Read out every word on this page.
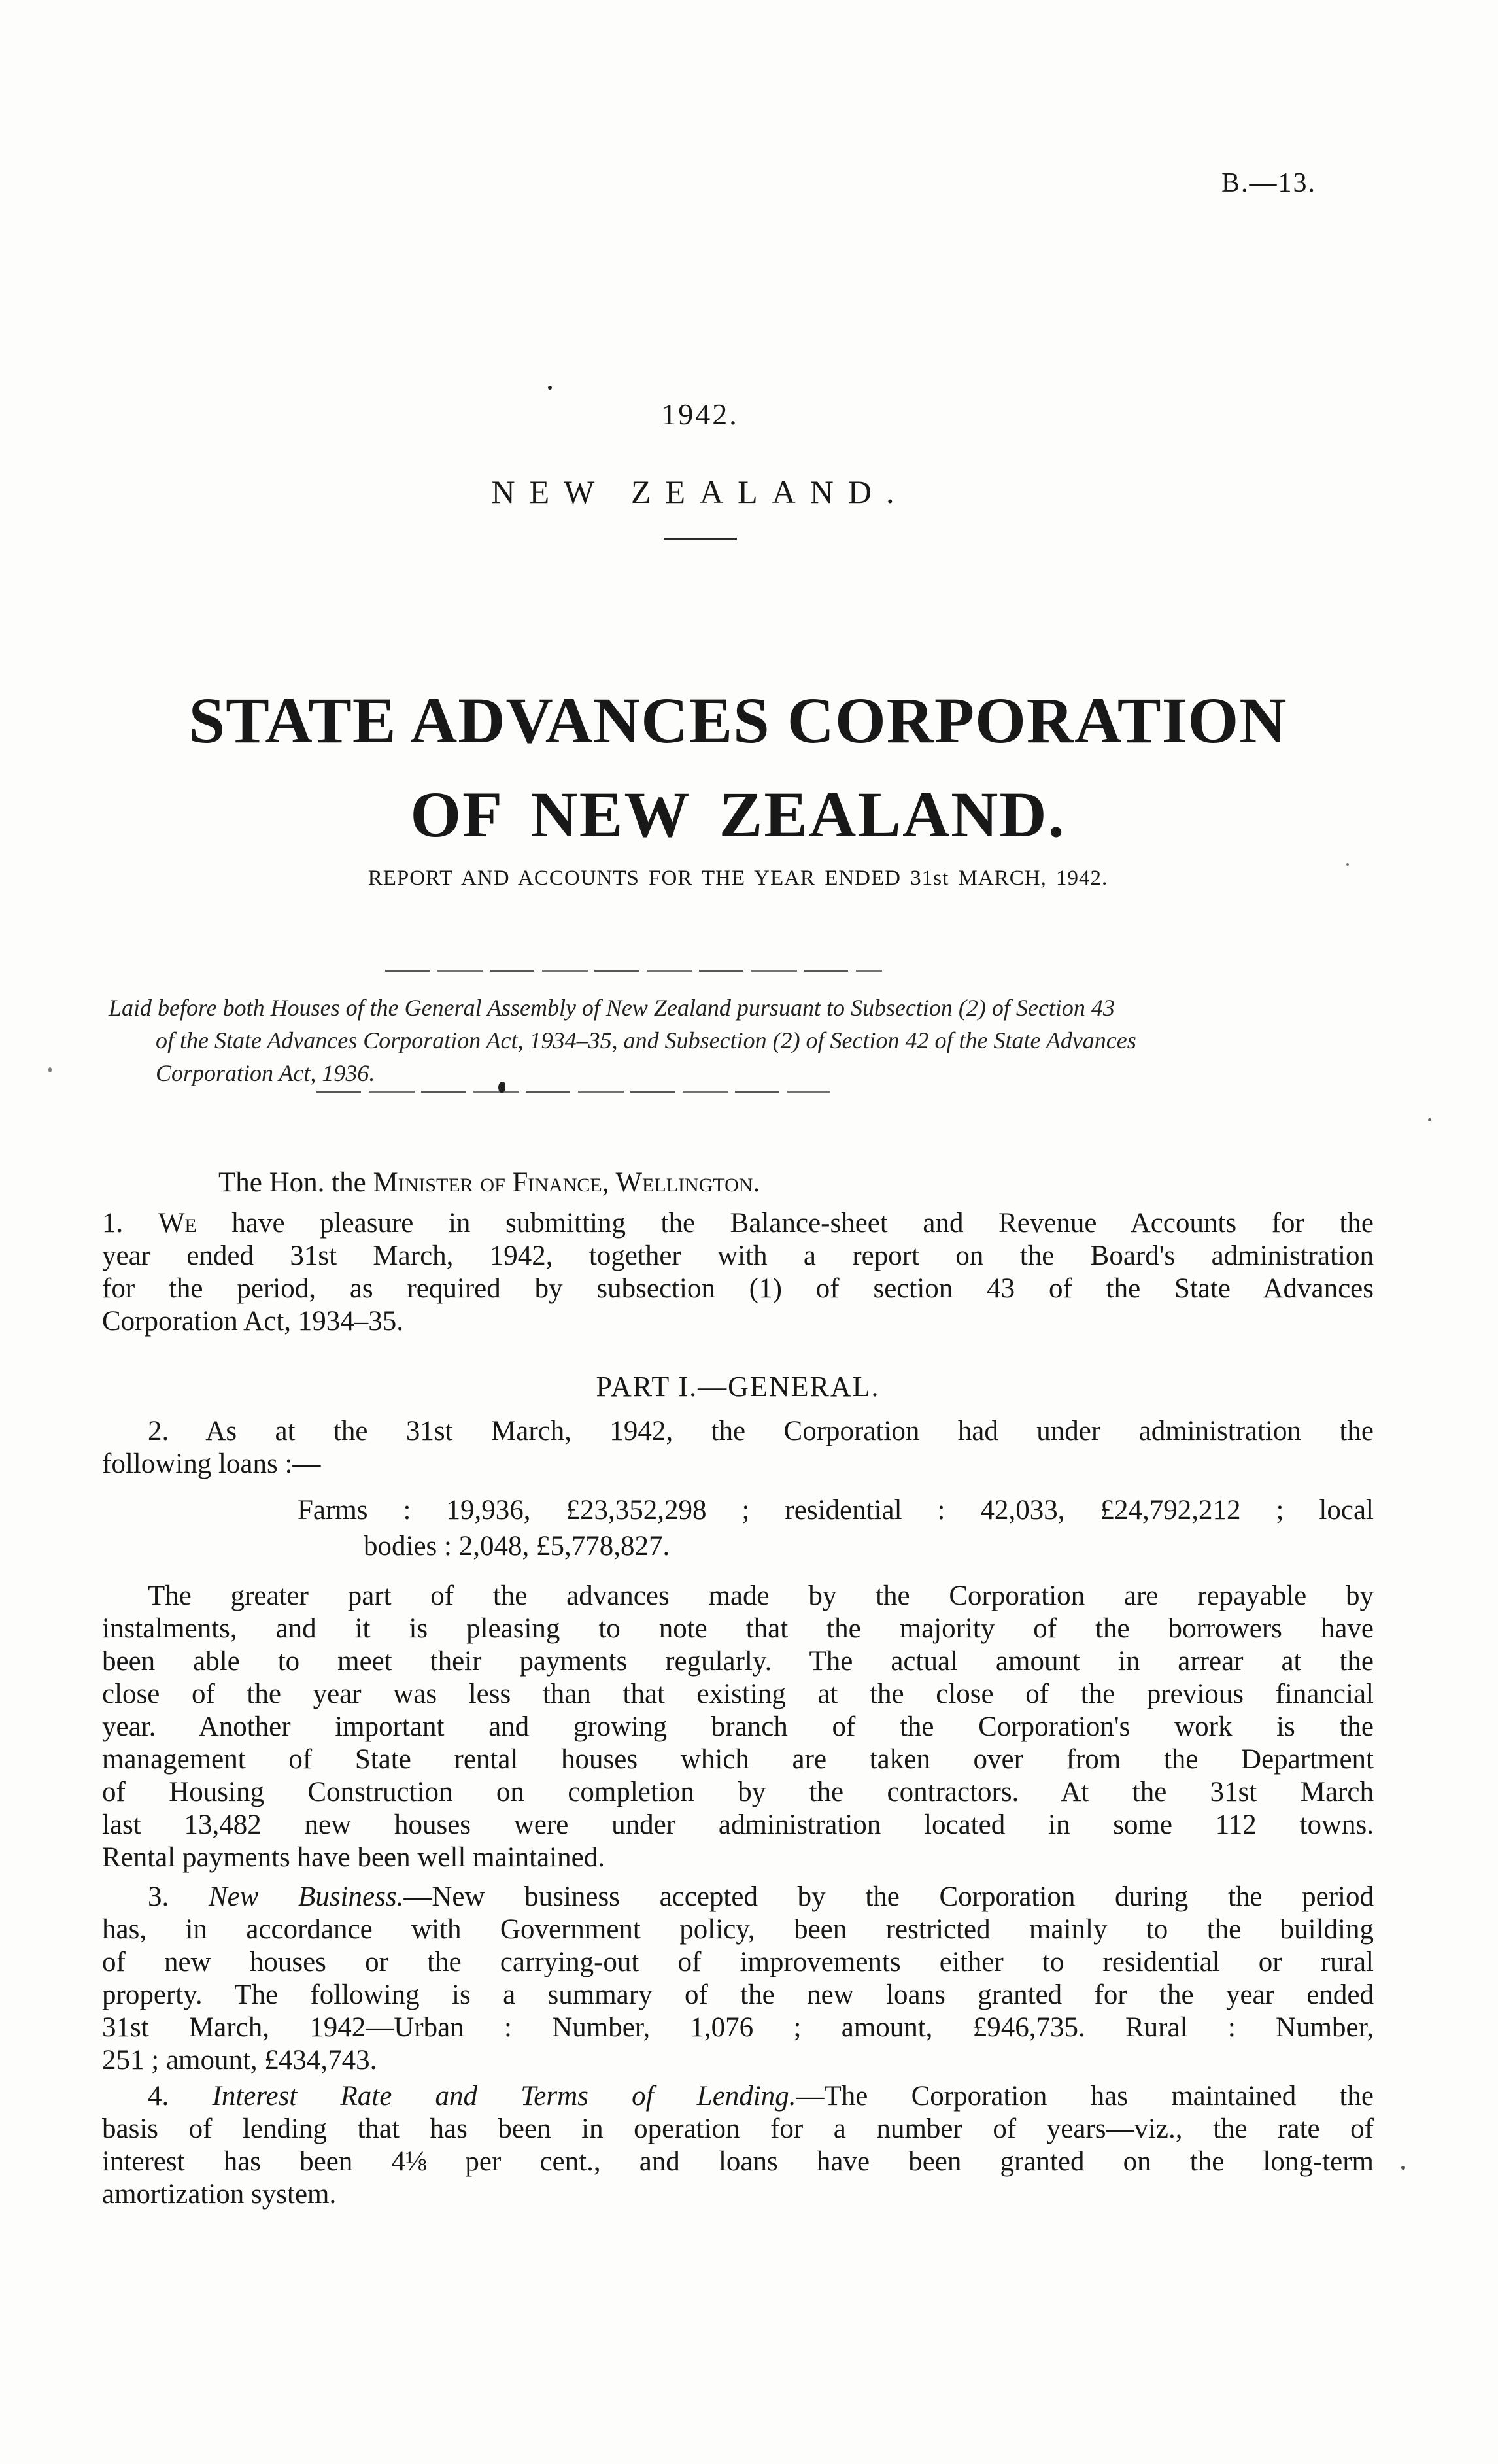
B.—13.
1942.
NEW ZEALAND.
STATE ADVANCES CORPORATION
OF NEW ZEALAND.
REPORT AND ACCOUNTS FOR THE YEAR ENDED 31st MARCH, 1942.
Laid before both Houses of the General Assembly of New Zealand pursuant to Subsection (2) of Section 43
of the State Advances Corporation Act, 1934–35, and Subsection (2) of Section 42 of the State Advances
Corporation Act, 1936.
The Hon. the Minister of Finance, Wellington.
1. We have pleasure in submitting the Balance-sheet and Revenue Accounts for the
year ended 31st March, 1942, together with a report on the Board's administration
for the period, as required by subsection (1) of section 43 of the State Advances
Corporation Act, 1934–35.
PART I.—GENERAL.
2. As at the 31st March, 1942, the Corporation had under administration the
following loans :—
Farms : 19,936, £23,352,298 ; residential : 42,033, £24,792,212 ; local
bodies : 2,048, £5,778,827.
The greater part of the advances made by the Corporation are repayable by
instalments, and it is pleasing to note that the majority of the borrowers have
been able to meet their payments regularly. The actual amount in arrear at the
close of the year was less than that existing at the close of the previous financial
year. Another important and growing branch of the Corporation's work is the
management of State rental houses which are taken over from the Department
of Housing Construction on completion by the contractors. At the 31st March
last 13,482 new houses were under administration located in some 112 towns.
Rental payments have been well maintained.
3. New Business.—New business accepted by the Corporation during the period
has, in accordance with Government policy, been restricted mainly to the building
of new houses or the carrying-out of improvements either to residential or rural
property. The following is a summary of the new loans granted for the year ended
31st March, 1942—Urban : Number, 1,076 ; amount, £946,735. Rural : Number,
251 ; amount, £434,743.
4. Interest Rate and Terms of Lending.—The Corporation has maintained the
basis of lending that has been in operation for a number of years—viz., the rate of
interest has been 4⅛ per cent., and loans have been granted on the long-term
amortization system.
